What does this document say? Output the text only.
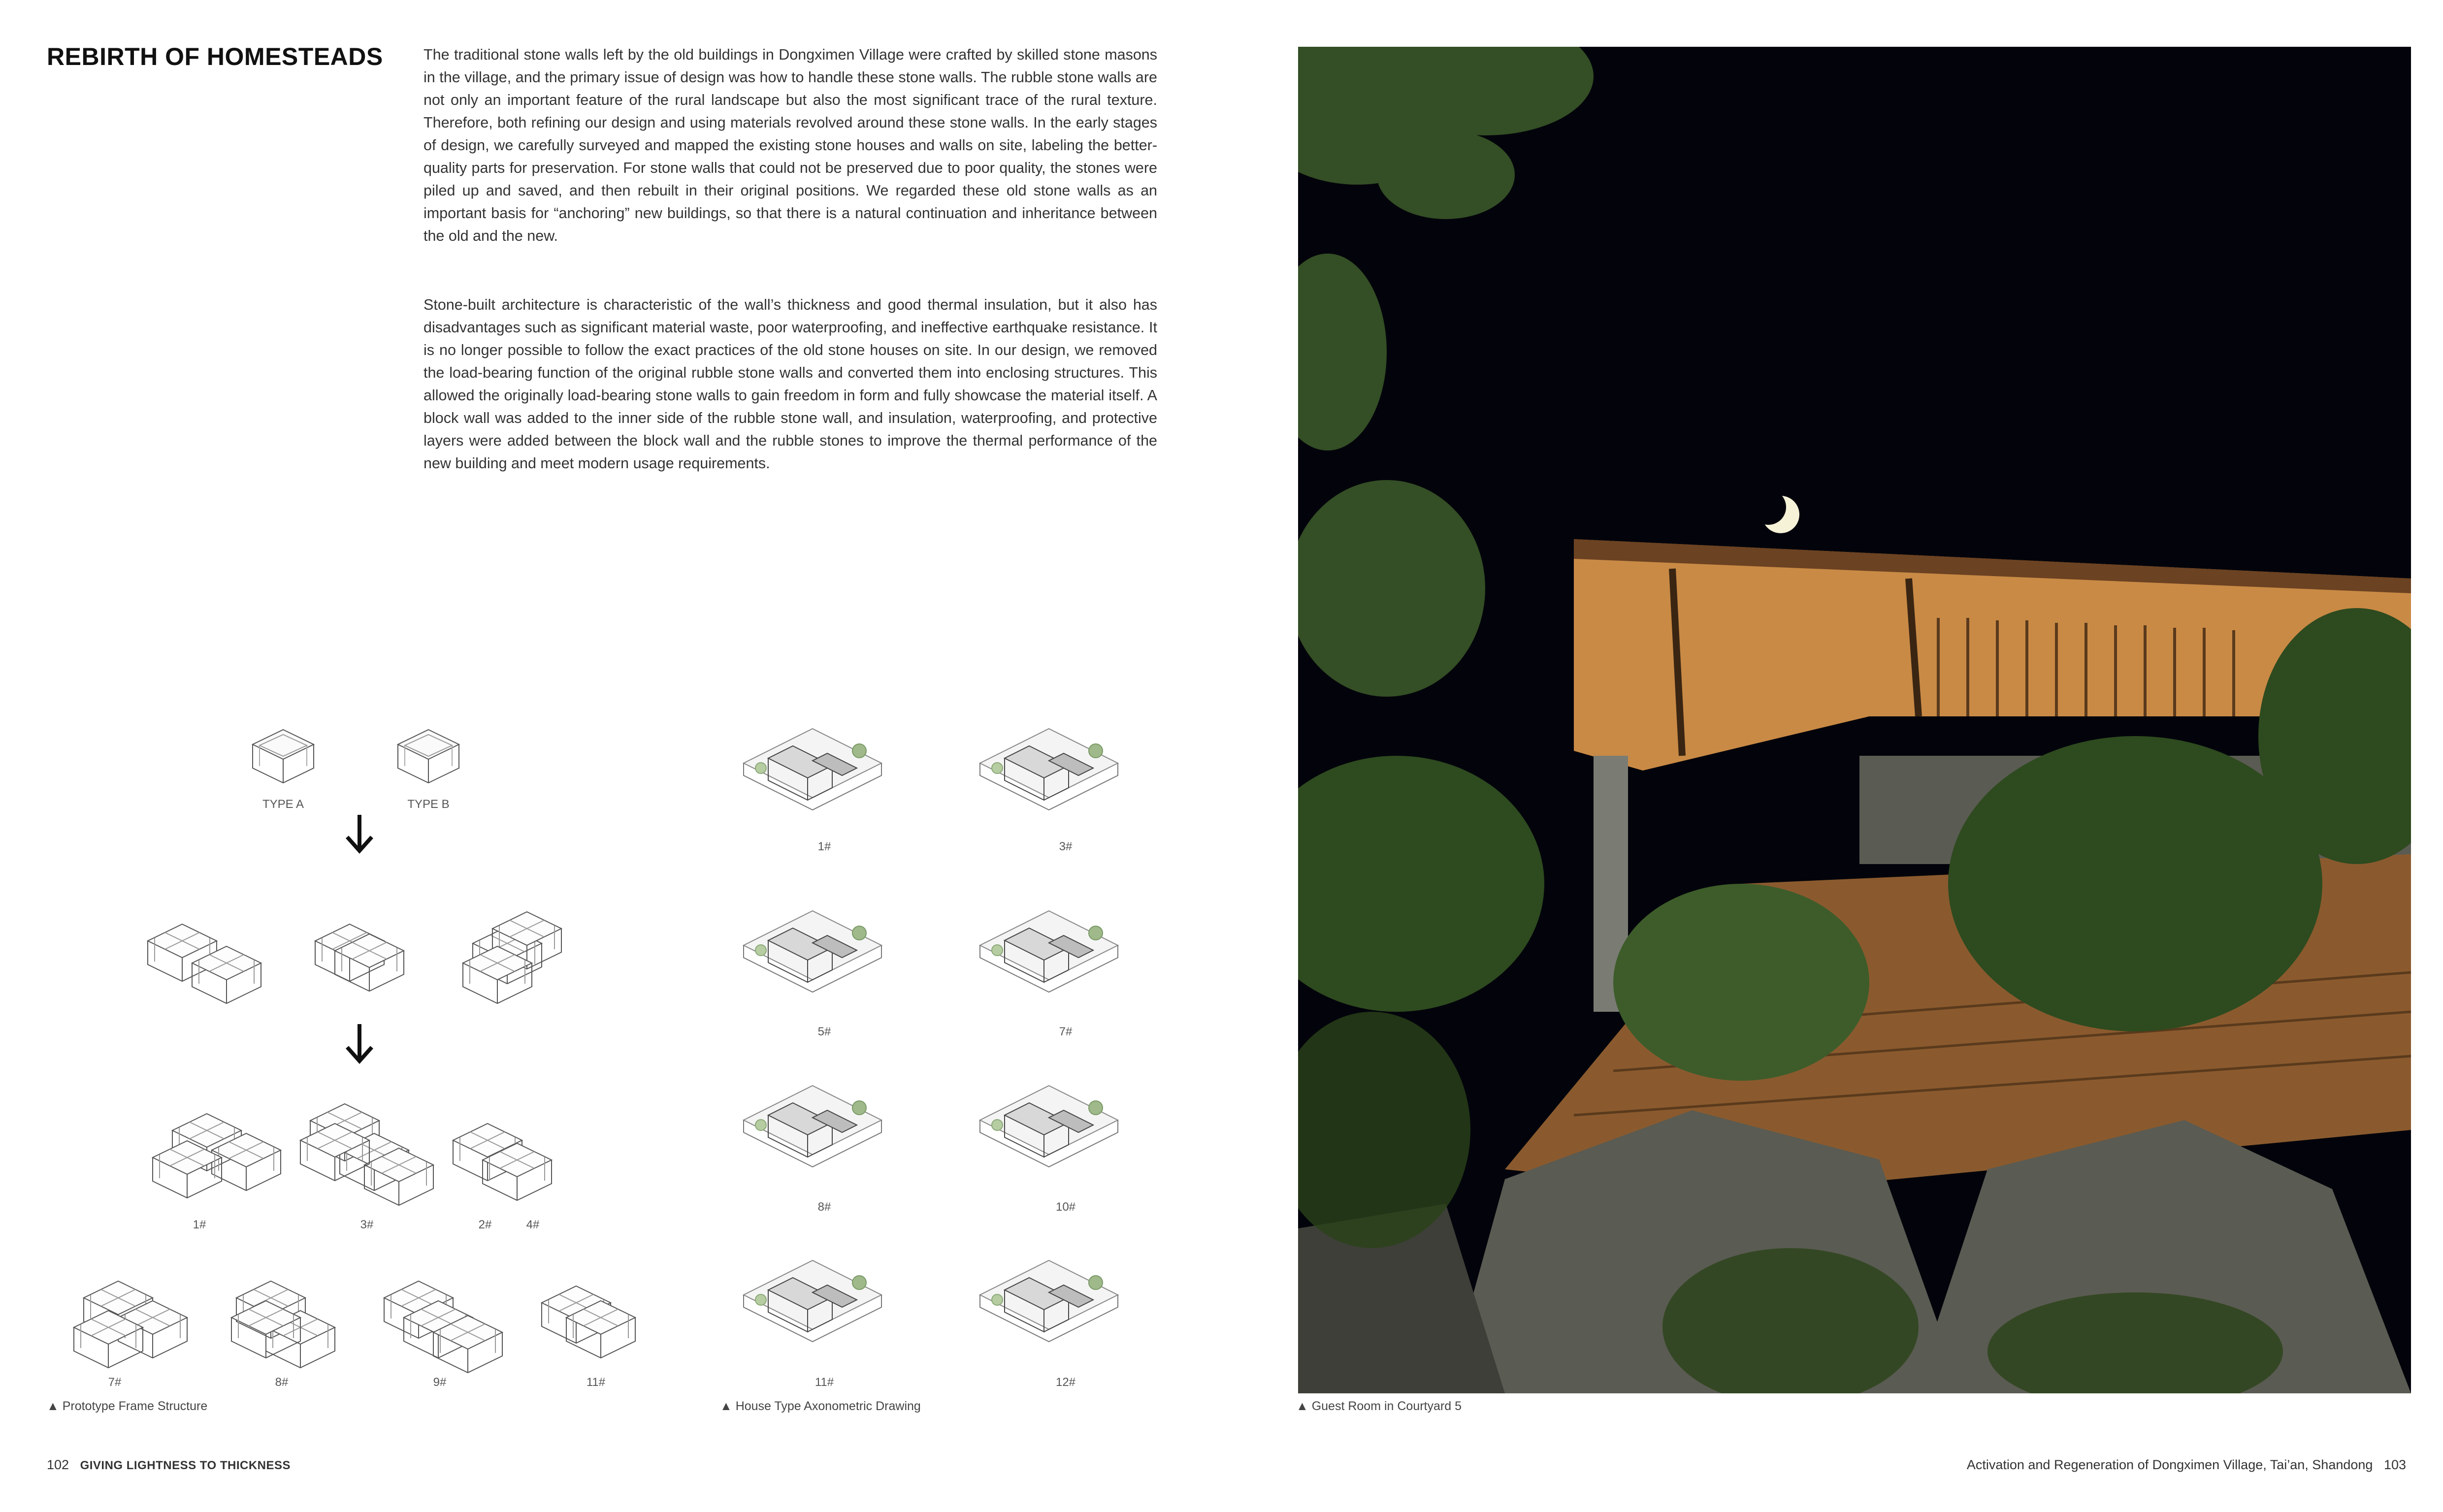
REBIRTH OF HOMESTEADS	The traditional stone walls left by the old buildings in Dongximen Village were crafted by skilled stone masons in the village, and the primary issue of design was how to handle these stone walls. The rubble stone walls are not only an important feature of the rural landscape but also the most significant trace of the rural texture. Therefore, both refining our design and using materials revolved around these stone walls. In the early stages of design, we carefully surveyed and mapped the existing stone houses and walls on site, labeling the better-quality parts for preservation. For stone walls that could not be preserved due to poor quality, the stones were piled up and saved, and then rebuilt in their original positions. We regarded these old stone walls as an important basis for “anchoring” new buildings, so that there is a natural continuation and inheritance between the old and the new.

Stone-built architecture is characteristic of the wall’s thickness and good thermal insulation, but it also has disadvantages such as significant material waste, poor waterproofing, and ineffective earthquake resistance. It is no longer possible to follow the exact practices of the old stone houses on site. In our design, we removed the load-bearing function of the original rubble stone walls and converted them into enclosing structures. This allowed the originally load-bearing stone walls to gain freedom in form and fully showcase the material itself. A block wall was added to the inner side of the rubble stone wall, and insulation, waterproofing, and protective layers were added between the block wall and the rubble stones to improve the thermal performance of the new building and meet modern usage requirements.

TYPE A	TYPE B
1#	3#	2#	4#
7#	8#	9#	11#
▲ Prototype Frame Structure
1#	3#
5#	7#
8#	10#
11#	12#
▲ House Type Axonometric Drawing	▲ Guest Room in Courtyard 5
102 GIVING LIGHTNESS TO THICKNESS	Activation and Regeneration of Dongximen Village, Tai’an, Shandong 103
